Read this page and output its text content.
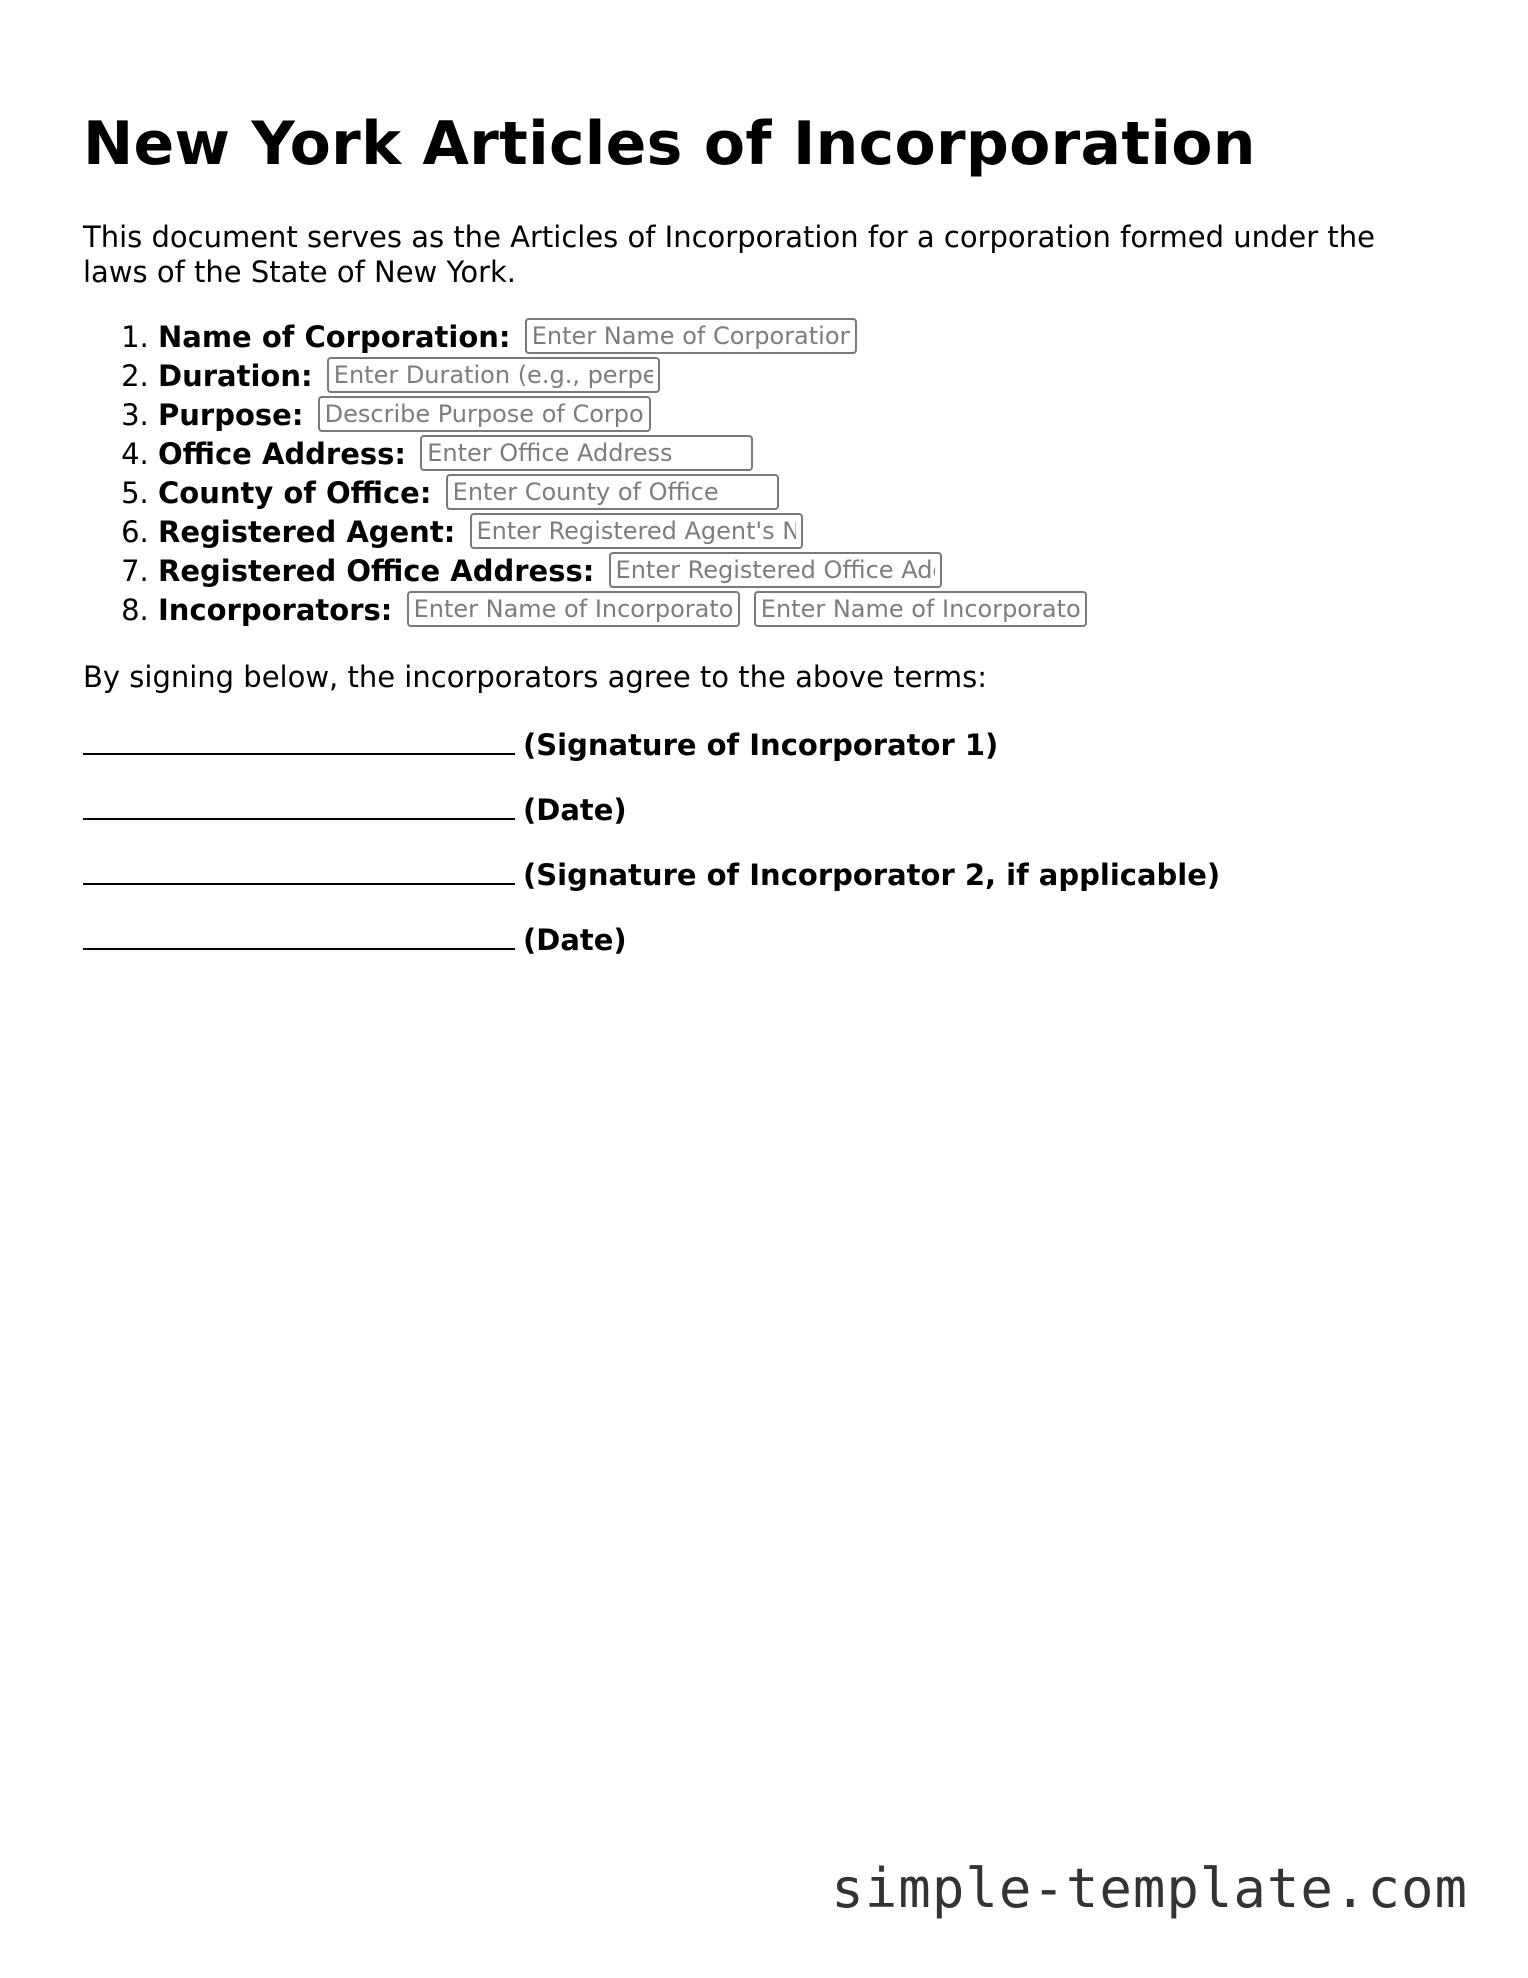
New York Articles of Incorporation

This document serves as the Articles of Incorporation for a corporation formed under the laws of the State of New York.

1. Name of Corporation: Enter Name of Corporation
2. Duration: Enter Duration (e.g., perpetual)
3. Purpose: Describe Purpose of Corporation
4. Office Address: Enter Office Address
5. County of Office: Enter County of Office
6. Registered Agent: Enter Registered Agent's Name
7. Registered Office Address: Enter Registered Office Address
8. Incorporators: Enter Name of Incorporator 1 Enter Name of Incorporator 2

By signing below, the incorporators agree to the above terms:

(Signature of Incorporator 1)

(Date)

(Signature of Incorporator 2, if applicable)

(Date)

simple-template.com
